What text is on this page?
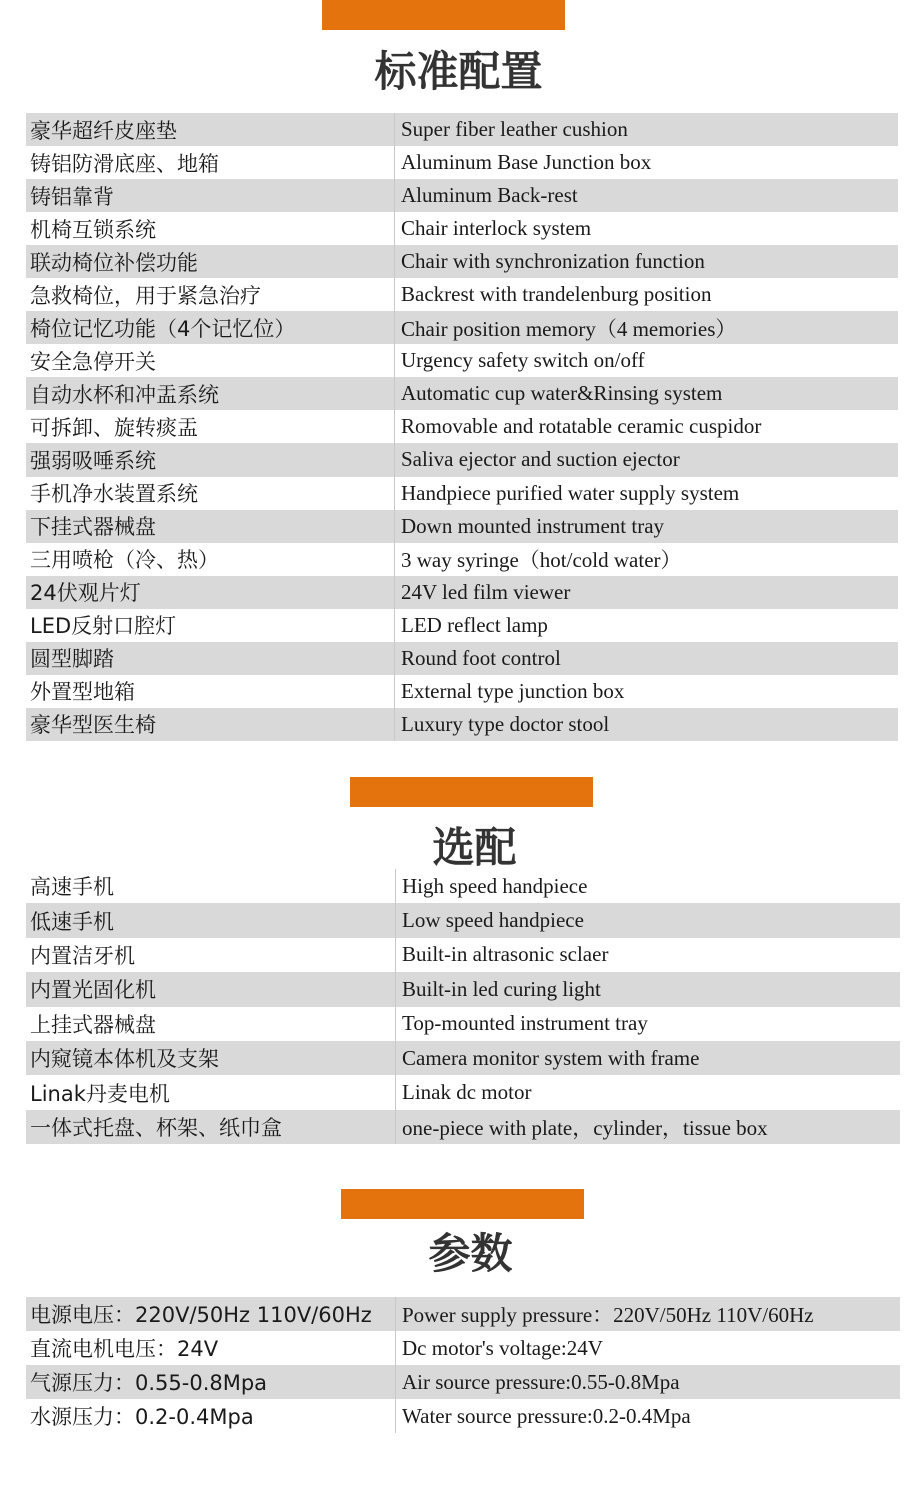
标准配置
豪华超纤皮座垫	Super fiber leather cushion
铸铝防滑底座、地箱	Aluminum Base Junction box
铸铝靠背	Aluminum Back-rest
机椅互锁系统	Chair interlock system
联动椅位补偿功能	Chair with synchronization function
急救椅位，用于紧急治疗	Backrest with trandelenburg position
椅位记忆功能（4个记忆位）	Chair position memory（4 memories）
安全急停开关	Urgency safety switch on/off
自动水杯和冲盂系统	Automatic cup water&Rinsing system
可拆卸、旋转痰盂	Romovable and rotatable ceramic cuspidor
强弱吸唾系统	Saliva ejector and suction ejector
手机净水装置系统	Handpiece purified water supply system
下挂式器械盘	Down mounted instrument tray
三用喷枪（冷、热）	3 way syringe（hot/cold water）
24伏观片灯	24V led film viewer
LED反射口腔灯	LED reflect lamp
圆型脚踏	Round foot control
外置型地箱	External type junction box
豪华型医生椅	Luxury type doctor stool
选配
高速手机	High speed handpiece
低速手机	Low speed handpiece
内置洁牙机	Built-in altrasonic sclaer
内置光固化机	Built-in led curing light
上挂式器械盘	Top-mounted instrument tray
内窥镜本体机及支架	Camera monitor system with frame
Linak丹麦电机	Linak dc motor
一体式托盘、杯架、纸巾盒	one-piece with plate，cylinder，tissue box
参数
电源电压：220V/50Hz 110V/60Hz	Power supply pressure：220V/50Hz 110V/60Hz
直流电机电压：24V	Dc motor's voltage:24V
气源压力：0.55-0.8Mpa	Air source pressure:0.55-0.8Mpa
水源压力：0.2-0.4Mpa	Water source pressure:0.2-0.4Mpa
